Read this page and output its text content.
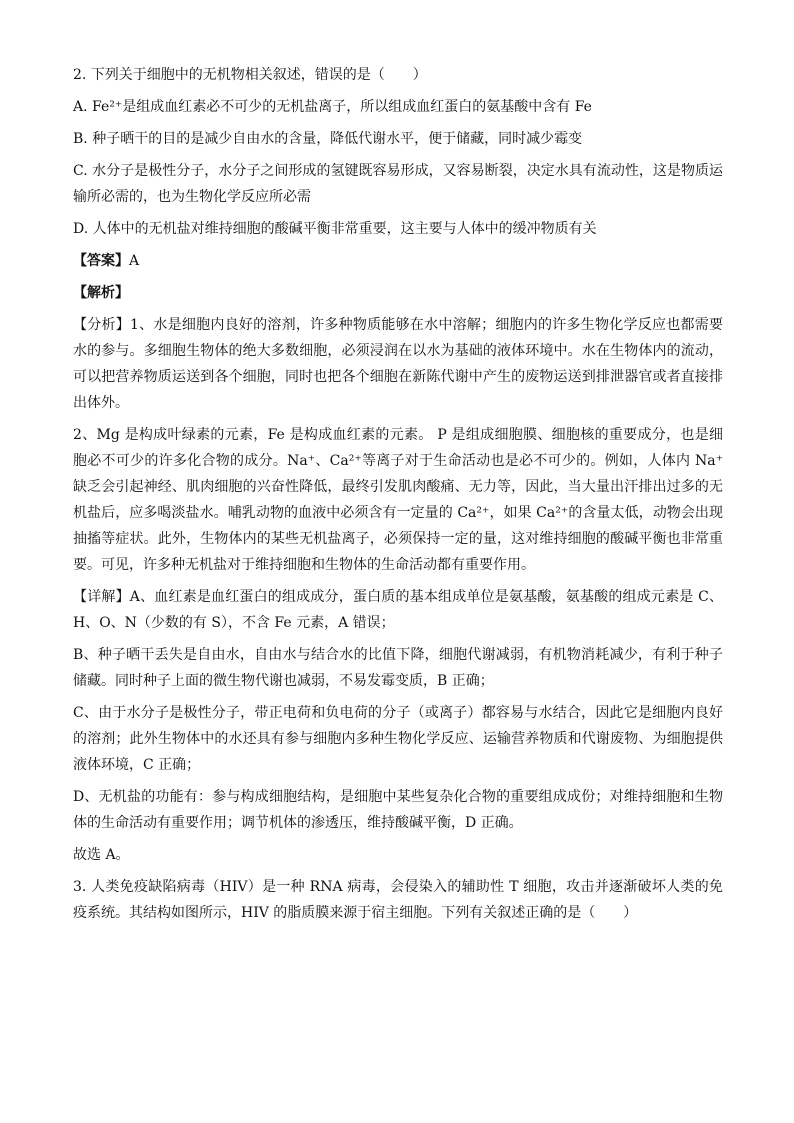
2. 下列关于细胞中的无机物相关叙述，错误的是（　　）

A. Fe²⁺是组成血红素必不可少的无机盐离子，所以组成血红蛋白的氨基酸中含有 Fe

B. 种子晒干的目的是减少自由水的含量，降低代谢水平，便于储藏，同时减少霉变

C. 水分子是极性分子，水分子之间形成的氢键既容易形成，又容易断裂，决定水具有流动性，这是物质运输所必需的，也为生物化学反应所必需

D. 人体中的无机盐对维持细胞的酸碱平衡非常重要，这主要与人体中的缓冲物质有关

【答案】A

【解析】

【分析】1、水是细胞内良好的溶剂，许多种物质能够在水中溶解；细胞内的许多生物化学反应也都需要水的参与。多细胞生物体的绝大多数细胞，必须浸润在以水为基础的液体环境中。水在生物体内的流动，可以把营养物质运送到各个细胞，同时也把各个细胞在新陈代谢中产生的废物运送到排泄器官或者直接排出体外。

2、Mg 是构成叶绿素的元素，Fe 是构成血红素的元素。 P 是组成细胞膜、细胞核的重要成分，也是细胞必不可少的许多化合物的成分。Na⁺、Ca²⁺等离子对于生命活动也是必不可少的。例如，人体内 Na⁺缺乏会引起神经、肌肉细胞的兴奋性降低，最终引发肌肉酸痛、无力等，因此，当大量出汗排出过多的无机盐后，应多喝淡盐水。哺乳动物的血液中必须含有一定量的 Ca²⁺，如果 Ca²⁺的含量太低，动物会出现抽搐等症状。此外，生物体内的某些无机盐离子，必须保持一定的量，这对维持细胞的酸碱平衡也非常重要。可见，许多种无机盐对于维持细胞和生物体的生命活动都有重要作用。

【详解】A、血红素是血红蛋白的组成成分，蛋白质的基本组成单位是氨基酸，氨基酸的组成元素是 C、H、O、N（少数的有 S），不含 Fe 元素，A 错误；

B、种子晒干丢失是自由水，自由水与结合水的比值下降，细胞代谢减弱，有机物消耗减少，有利于种子储藏。同时种子上面的微生物代谢也减弱，不易发霉变质，B 正确；

C、由于水分子是极性分子，带正电荷和负电荷的分子（或离子）都容易与水结合，因此它是细胞内良好的溶剂；此外生物体中的水还具有参与细胞内多种生物化学反应、运输营养物质和代谢废物、为细胞提供液体环境，C 正确；

D、无机盐的功能有：参与构成细胞结构，是细胞中某些复杂化合物的重要组成成份；对维持细胞和生物体的生命活动有重要作用；调节机体的渗透压，维持酸碱平衡，D 正确。

故选 A。

3. 人类免疫缺陷病毒（HIV）是一种 RNA 病毒，会侵染入的辅助性 T 细胞，攻击并逐渐破坏人类的免疫系统。其结构如图所示，HIV 的脂质膜来源于宿主细胞。下列有关叙述正确的是（　　）
